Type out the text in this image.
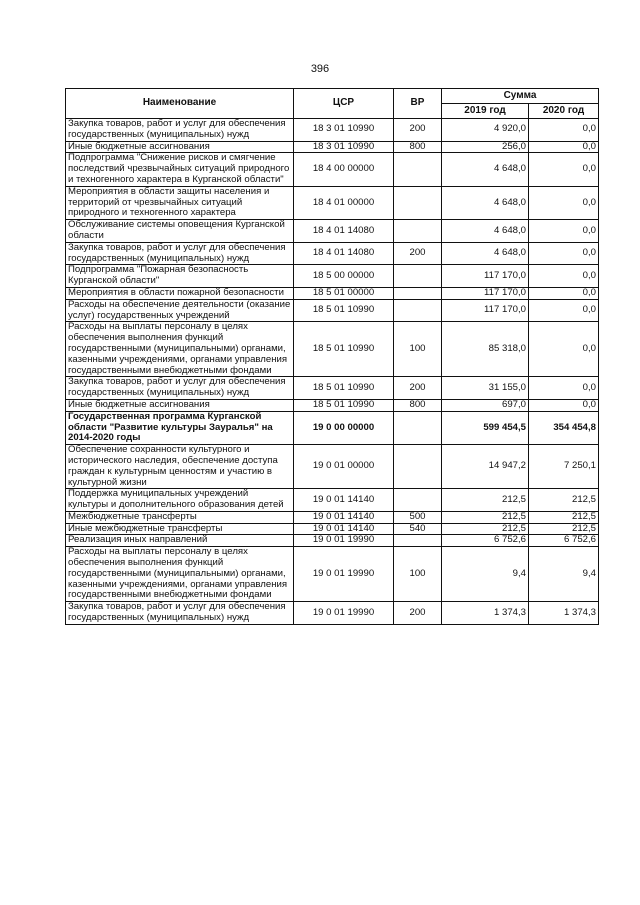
396
Наименование	ЦСР	ВР	Сумма	
			2019 год	2020 год
Закупка товаров, работ и услуг для обеспечения государственных (муниципальных) нужд	18 3 01 10990	200	4 920,0	0,0
Иные бюджетные ассигнования	18 3 01 10990	800	256,0	0,0
Подпрограмма "Снижение рисков и смягчение последствий чрезвычайных ситуаций природного и техногенного характера в Курганской области"	18 4 00 00000		4 648,0	0,0
Мероприятия в области защиты населения и территорий от чрезвычайных ситуаций природного и техногенного характера	18 4 01 00000		4 648,0	0,0
Обслуживание системы оповещения Курганской области	18 4 01 14080		4 648,0	0,0
Закупка товаров, работ и услуг для обеспечения государственных (муниципальных) нужд	18 4 01 14080	200	4 648,0	0,0
Подпрограмма "Пожарная безопасность Курганской области"	18 5 00 00000		117 170,0	0,0
Мероприятия в области пожарной безопасности	18 5 01 00000		117 170,0	0,0
Расходы на обеспечение деятельности (оказание услуг) государственных учреждений	18 5 01 10990		117 170,0	0,0
Расходы на выплаты персоналу в целях обеспечения выполнения функций государственными (муниципальными) органами, казенными учреждениями, органами управления государственными внебюджетными фондами	18 5 01 10990	100	85 318,0	0,0
Закупка товаров, работ и услуг для обеспечения государственных (муниципальных) нужд	18 5 01 10990	200	31 155,0	0,0
Иные бюджетные ассигнования	18 5 01 10990	800	697,0	0,0
Государственная программа Курганской области "Развитие культуры Зауралья" на 2014-2020 годы	19 0 00 00000		599 454,5	354 454,8
Обеспечение сохранности культурного и исторического наследия, обеспечение доступа граждан к культурным ценностям и участию в культурной жизни	19 0 01 00000		14 947,2	7 250,1
Поддержка муниципальных учреждений культуры и дополнительного образования детей	19 0 01 14140		212,5	212,5
Межбюджетные трансферты	19 0 01 14140	500	212,5	212,5
Иные межбюджетные трансферты	19 0 01 14140	540	212,5	212,5
Реализация иных направлений	19 0 01 19990		6 752,6	6 752,6
Расходы на выплаты персоналу в целях обеспечения выполнения функций государственными (муниципальными) органами, казенными учреждениями, органами управления государственными внебюджетными фондами	19 0 01 19990	100	9,4	9,4
Закупка товаров, работ и услуг для обеспечения государственных (муниципальных) нужд	19 0 01 19990	200	1 374,3	1 374,3
